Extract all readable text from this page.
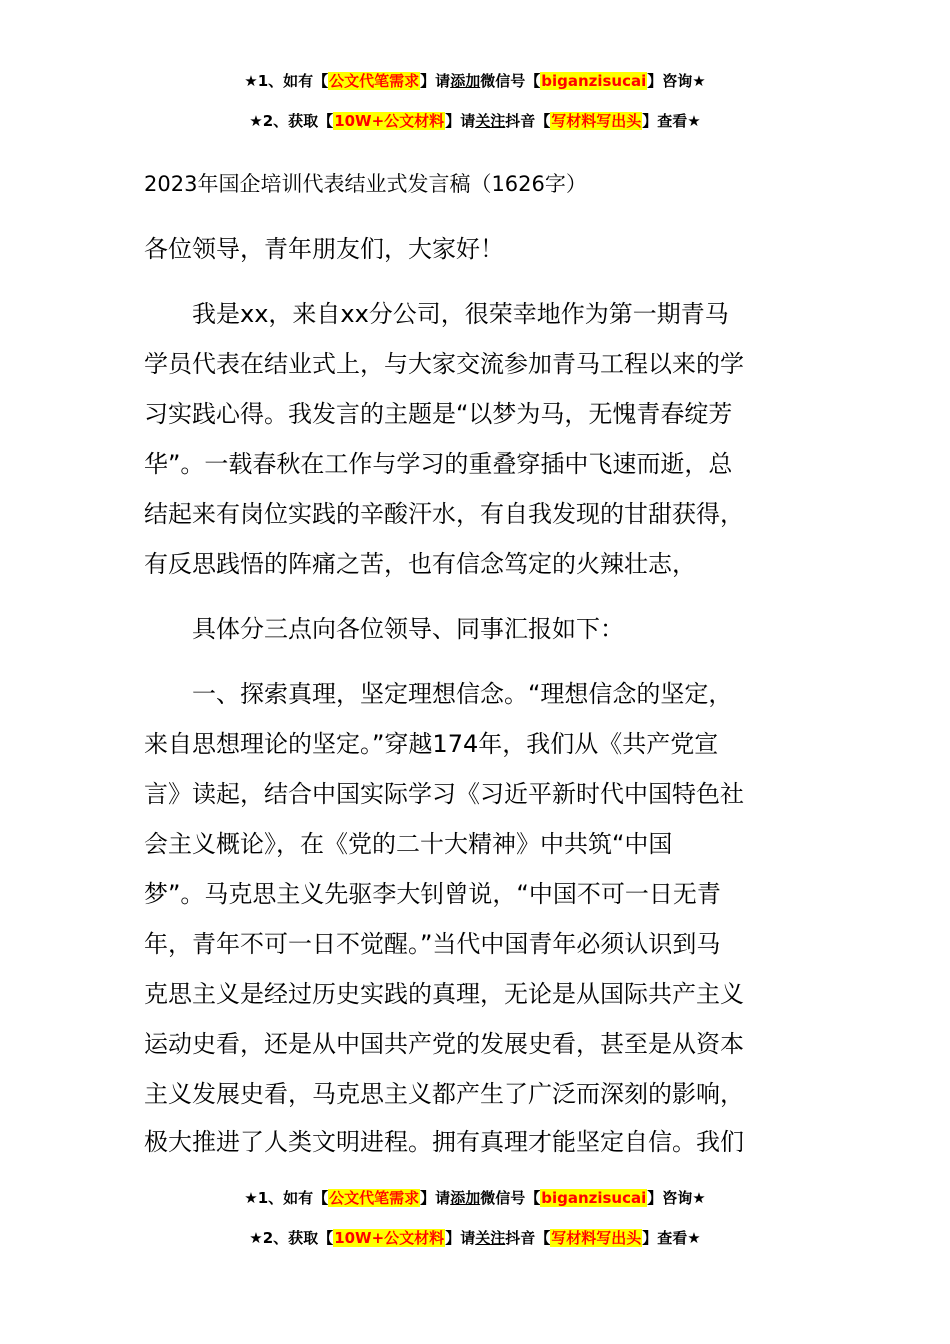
★1、如有【公文代笔需求】请添加微信号【biganzisucai】咨询★
★2、获取【10W+公文材料】请关注抖音【写材料写出头】查看★
2023年国企培训代表结业式发言稿（1626字）
各位领导，青年朋友们，大家好！
　　我是xx，来自xx分公司，很荣幸地作为第一期青马
学员代表在结业式上，与大家交流参加青马工程以来的学
习实践心得。我发言的主题是“以梦为马，无愧青春绽芳
华”。一载春秋在工作与学习的重叠穿插中飞速而逝，总
结起来有岗位实践的辛酸汗水，有自我发现的甘甜获得，
有反思践悟的阵痛之苦，也有信念笃定的火辣壮志，
　　具体分三点向各位领导、同事汇报如下：
　　一、探索真理，坚定理想信念。“理想信念的坚定，
来自思想理论的坚定。”穿越174年，我们从《共产党宣
言》读起，结合中国实际学习《习近平新时代中国特色社
会主义概论》，在《党的二十大精神》中共筑“中国
梦”。马克思主义先驱李大钊曾说，“中国不可一日无青
年，青年不可一日不觉醒。”当代中国青年必须认识到马
克思主义是经过历史实践的真理，无论是从国际共产主义
运动史看，还是从中国共产党的发展史看，甚至是从资本
主义发展史看，马克思主义都产生了广泛而深刻的影响，
极大推进了人类文明进程。拥有真理才能坚定自信。我们
★1、如有【公文代笔需求】请添加微信号【biganzisucai】咨询★
★2、获取【10W+公文材料】请关注抖音【写材料写出头】查看★
